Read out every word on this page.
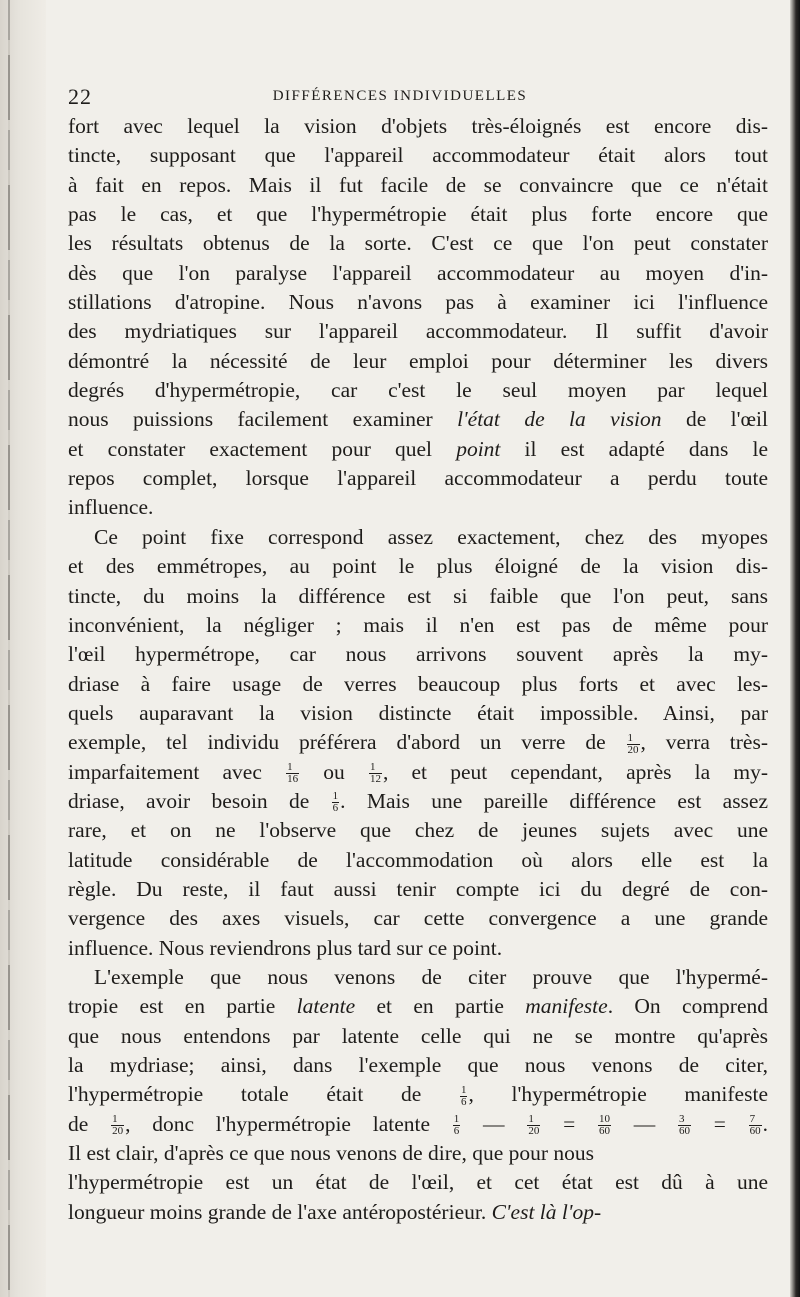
22	DIFFÉRENCES INDIVIDUELLES
fort avec lequel la vision d'objets très-éloignés est encore dis-
tincte, supposant que l'appareil accommodateur était alors tout
à fait en repos. Mais il fut facile de se convaincre que ce n'était
pas le cas, et que l'hypermétropie était plus forte encore que
les résultats obtenus de la sorte. C'est ce que l'on peut constater
dès que l'on paralyse l'appareil accommodateur au moyen d'in-
stillations d'atropine. Nous n'avons pas à examiner ici l'influence
des mydriatiques sur l'appareil accommodateur. Il suffit d'avoir
démontré la nécessité de leur emploi pour déterminer les divers
degrés d'hypermétropie, car c'est le seul moyen par lequel
nous puissions facilement examiner l'état de la vision de l'œil
et constater exactement pour quel point il est adapté dans le
repos complet, lorsque l'appareil accommodateur a perdu toute
influence.
Ce point fixe correspond assez exactement, chez des myopes
et des emmétropes, au point le plus éloigné de la vision dis-
tincte, du moins la différence est si faible que l'on peut, sans
inconvénient, la négliger ; mais il n'en est pas de même pour
l'œil hypermétrope, car nous arrivons souvent après la my-
driase à faire usage de verres beaucoup plus forts et avec les-
quels auparavant la vision distincte était impossible. Ainsi, par
exemple, tel individu préférera d'abord un verre de $\frac{1}{20}$ , verra très-
imparfaitement avec $\frac{1}{16}$ ou $\frac{1}{12}$ , et peut cependant, après la my-
driase, avoir besoin de $\frac{1}{6}$ . Mais une pareille différence est assez
rare, et on ne l'observe que chez de jeunes sujets avec une
latitude considérable de l'accommodation où alors elle est la
règle. Du reste, il faut aussi tenir compte ici du degré de con-
vergence des axes visuels, car cette convergence a une grande
influence. Nous reviendrons plus tard sur ce point.
L'exemple que nous venons de citer prouve que l'hypermé-
tropie est en partie latente et en partie manifeste. On comprend
que nous entendons par latente celle qui ne se montre qu'après
la mydriase; ainsi, dans l'exemple que nous venons de citer,
l'hypermétropie totale était de $\frac{1}{6}$ , l'hypermétropie manifeste
de $\frac{1}{20}$ , donc l'hypermétropie latente $\frac{1}{6}$ — $\frac{1}{20} = \frac{10}{60}$ — $\frac{3}{60} = \frac{7}{60}$ .
Il est clair, d'après ce que nous venons de dire, que pour nous
l'hypermétropie est un état de l'œil, et cet état est dû à une
longueur moins grande de l'axe antéropostérieur. C'est là l'op-
